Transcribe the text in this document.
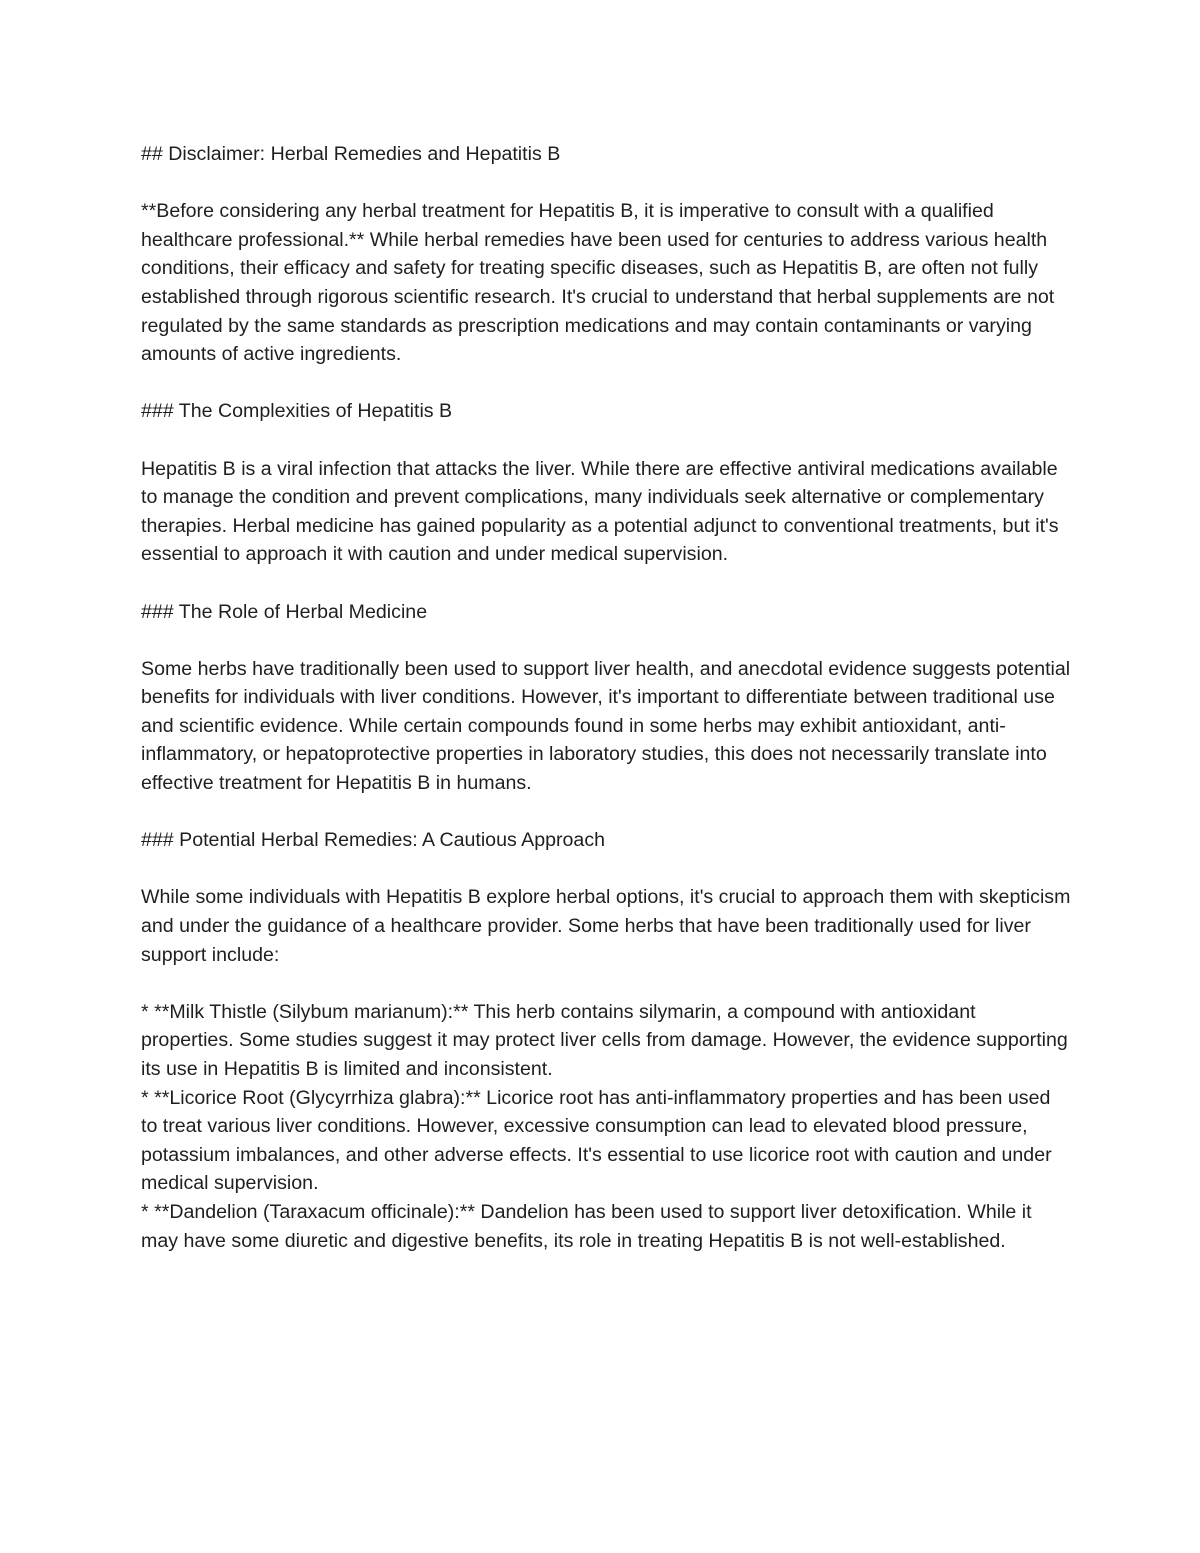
## Disclaimer: Herbal Remedies and Hepatitis B

**Before considering any herbal treatment for Hepatitis B, it is imperative to consult with a qualified healthcare professional.** While herbal remedies have been used for centuries to address various health conditions, their efficacy and safety for treating specific diseases, such as Hepatitis B, are often not fully established through rigorous scientific research. It's crucial to understand that herbal supplements are not regulated by the same standards as prescription medications and may contain contaminants or varying amounts of active ingredients.

### The Complexities of Hepatitis B

Hepatitis B is a viral infection that attacks the liver. While there are effective antiviral medications available to manage the condition and prevent complications, many individuals seek alternative or complementary therapies. Herbal medicine has gained popularity as a potential adjunct to conventional treatments, but it's essential to approach it with caution and under medical supervision.

### The Role of Herbal Medicine

Some herbs have traditionally been used to support liver health, and anecdotal evidence suggests potential benefits for individuals with liver conditions. However, it's important to differentiate between traditional use and scientific evidence. While certain compounds found in some herbs may exhibit antioxidant, anti-inflammatory, or hepatoprotective properties in laboratory studies, this does not necessarily translate into effective treatment for Hepatitis B in humans.

### Potential Herbal Remedies: A Cautious Approach

While some individuals with Hepatitis B explore herbal options, it's crucial to approach them with skepticism and under the guidance of a healthcare provider. Some herbs that have been traditionally used for liver support include:

* **Milk Thistle (Silybum marianum):** This herb contains silymarin, a compound with antioxidant properties. Some studies suggest it may protect liver cells from damage. However, the evidence supporting its use in Hepatitis B is limited and inconsistent.

* **Licorice Root (Glycyrrhiza glabra):** Licorice root has anti-inflammatory properties and has been used to treat various liver conditions. However, excessive consumption can lead to elevated blood pressure, potassium imbalances, and other adverse effects. It's essential to use licorice root with caution and under medical supervision.

* **Dandelion (Taraxacum officinale):** Dandelion has been used to support liver detoxification. While it may have some diuretic and digestive benefits, its role in treating Hepatitis B is not well-established.
